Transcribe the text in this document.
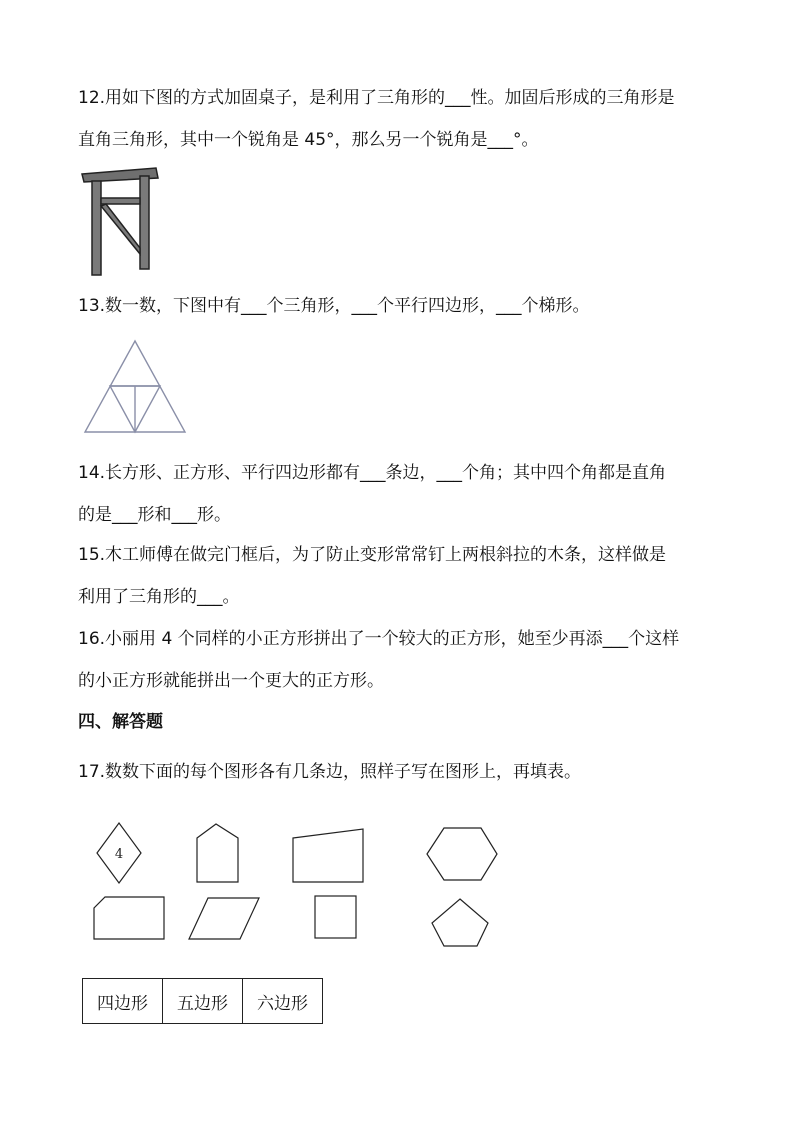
12.用如下图的方式加固桌子，是利用了三角形的___性。加固后形成的三角形是
直角三角形，其中一个锐角是 45°，那么另一个锐角是___°。
13.数一数，下图中有___个三角形，___个平行四边形，___个梯形。
14.长方形、正方形、平行四边形都有___条边，___个角；其中四个角都是直角
的是___形和___形。
15.木工师傅在做完门框后，为了防止变形常常钉上两根斜拉的木条，这样做是
利用了三角形的___。
16.小丽用 4 个同样的小正方形拼出了一个较大的正方形，她至少再添___个这样
的小正方形就能拼出一个更大的正方形。
四、解答题
17.数数下面的每个图形各有几条边，照样子写在图形上，再填表。
4
四边形	五边形	六边形
